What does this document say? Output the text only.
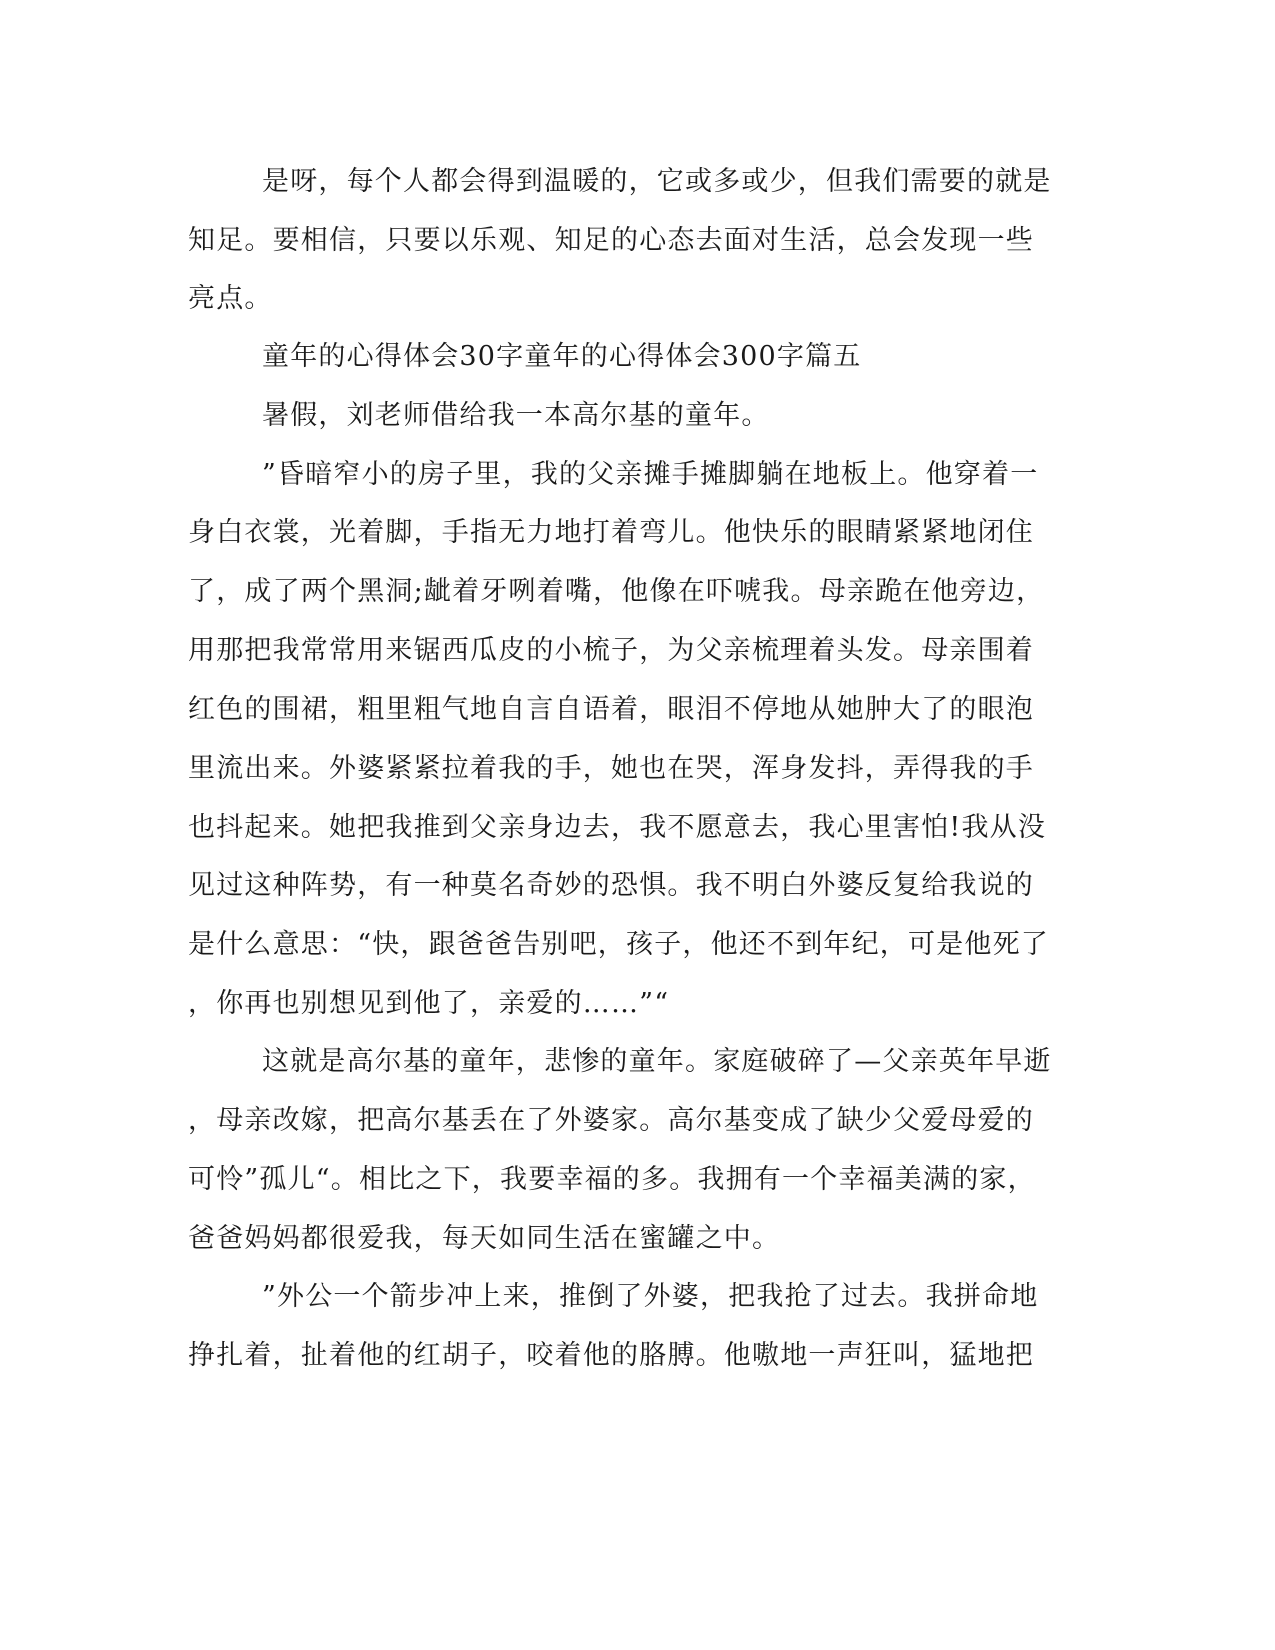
是呀，每个人都会得到温暖的，它或多或少，但我们需要的就是
知足。要相信，只要以乐观、知足的心态去面对生活，总会发现一些
亮点。
童年的心得体会30字童年的心得体会300字篇五
暑假，刘老师借给我一本高尔基的童年。
”昏暗窄小的房子里，我的父亲摊手摊脚躺在地板上。他穿着一
身白衣裳，光着脚，手指无力地打着弯儿。他快乐的眼睛紧紧地闭住
了，成了两个黑洞;龇着牙咧着嘴，他像在吓唬我。母亲跪在他旁边，
用那把我常常用来锯西瓜皮的小梳子，为父亲梳理着头发。母亲围着
红色的围裙，粗里粗气地自言自语着，眼泪不停地从她肿大了的眼泡
里流出来。外婆紧紧拉着我的手，她也在哭，浑身发抖，弄得我的手
也抖起来。她把我推到父亲身边去，我不愿意去，我心里害怕!我从没
见过这种阵势，有一种莫名奇妙的恐惧。我不明白外婆反复给我说的
是什么意思：“快，跟爸爸告别吧，孩子，他还不到年纪，可是他死了
，你再也别想见到他了，亲爱的……”“
这就是高尔基的童年，悲惨的童年。家庭破碎了—父亲英年早逝
，母亲改嫁，把高尔基丢在了外婆家。高尔基变成了缺少父爱母爱的
可怜”孤儿“。相比之下，我要幸福的多。我拥有一个幸福美满的家，
爸爸妈妈都很爱我，每天如同生活在蜜罐之中。
”外公一个箭步冲上来，推倒了外婆，把我抢了过去。我拼命地
挣扎着，扯着他的红胡子，咬着他的胳膊。他嗷地一声狂叫，猛地把
